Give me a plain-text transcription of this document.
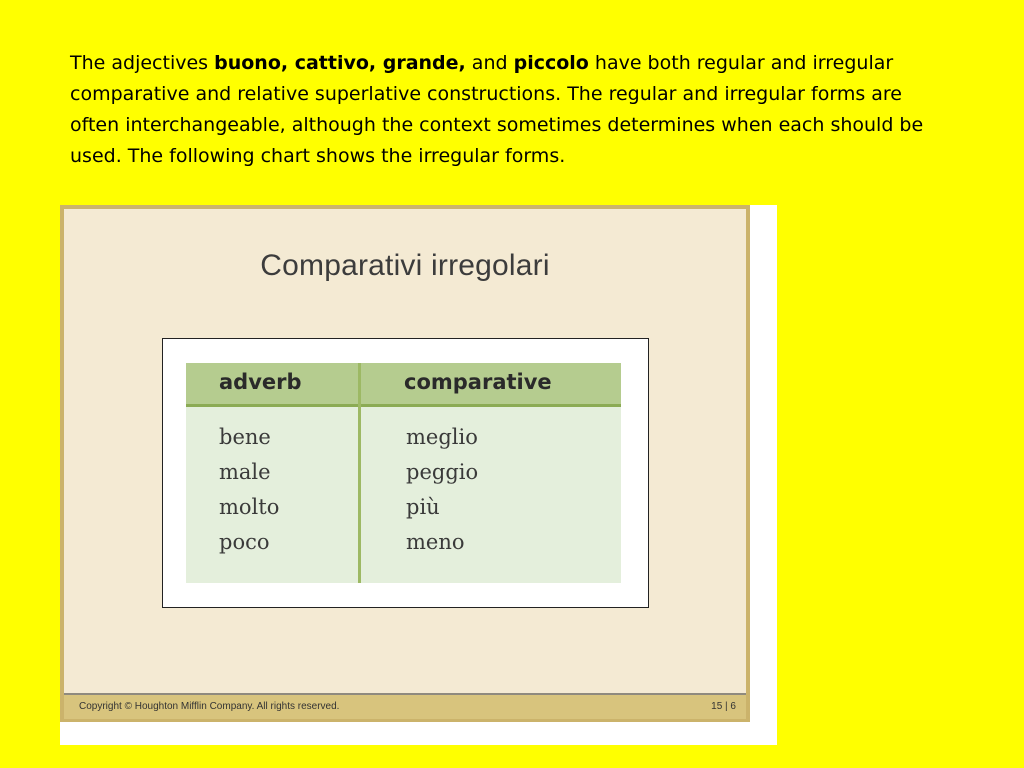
The adjectives buono, cattivo, grande, and piccolo have both regular and irregular comparative and relative superlative constructions. The regular and irregular forms are often interchangeable, although the context sometimes determines when each should be used. The following chart shows the irregular forms.

Comparativi irregolari
adverb	comparative
bene
male
molto
poco
meglio
peggio
più
meno
Copyright © Houghton Mifflin Company. All rights reserved.	15 | 6
